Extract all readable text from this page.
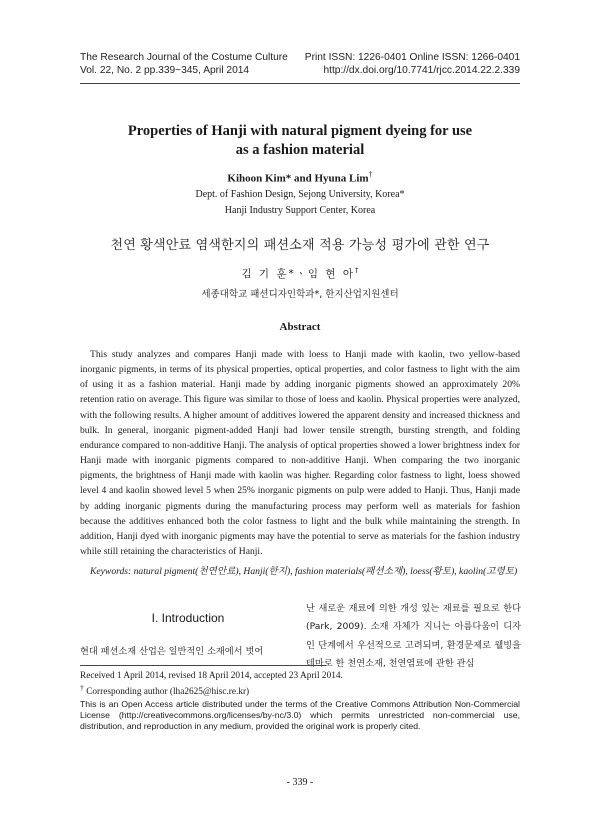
The Research Journal of the Costume Culture
Vol. 22, No. 2 pp.339~345, April 2014
Print ISSN: 1226-0401 Online ISSN: 1266-0401
http://dx.doi.org/10.7741/rjcc.2014.22.2.339
Properties of Hanji with natural pigment dyeing for use
as a fashion material
Kihoon Kim* and Hyuna Lim†
Dept. of Fashion Design, Sejong University, Korea*
Hanji Industry Support Center, Korea
천연 황색안료 염색한지의 패션소재 적용 가능성 평가에 관한 연구
김 기 훈*ㆍ임 현 아†
세종대학교 패션디자인학과*, 한지산업지원센터
Abstract

This study analyzes and compares Hanji made with loess to Hanji made with kaolin, two yellow-based inorganic pigments, in terms of its physical properties, optical properties, and color fastness to light with the aim of using it as a fashion material. Hanji made by adding inorganic pigments showed an approximately 20% retention ratio on average. This figure was similar to those of loess and kaolin. Physical properties were analyzed, with the following results. A higher amount of additives lowered the apparent density and increased thickness and bulk. In general, inorganic pigment-added Hanji had lower tensile strength, bursting strength, and folding endurance compared to non-additive Hanji. The analysis of optical properties showed a lower brightness index for Hanji made with inorganic pigments compared to non-additive Hanji. When comparing the two inorganic pigments, the brightness of Hanji made with kaolin was higher. Regarding color fastness to light, loess showed level 4 and kaolin showed level 5 when 25% inorganic pigments on pulp were added to Hanji. Thus, Hanji made by adding inorganic pigments during the manufacturing process may perform well as materials for fashion because the additives enhanced both the color fastness to light and the bulk while maintaining the strength. In addition, Hanji dyed with inorganic pigments may have the potential to serve as materials for the fashion industry while still retaining the characteristics of Hanji.

Keywords: natural pigment(천연안료), Hanji(한지), fashion materials(패션소재), loess(황토), kaolin(고령토)
I. Introduction

현대 패션소재 산업은 일반적인 소재에서 벗어

난 새로운 재료에 의한 개성 있는 재료를 필요로 한다(Park, 2009). 소재 자체가 지니는 아름다움이 디자인 단계에서 우선적으로 고려되며, 환경문제로 웰빙을 테마로 한 천연소재, 천연염료에 관한 관심

Received 1 April 2014, revised 18 April 2014, accepted 23 April 2014.

† Corresponding author (lha2625@hisc.re.kr)

This is an Open Access article distributed under the terms of the Creative Commons Attribution Non-Commercial License (http://creativecommons.org/licenses/by-nc/3.0) which permits unrestricted non-commercial use, distribution, and reproduction in any medium, provided the original work is properly cited.

- 339 -
